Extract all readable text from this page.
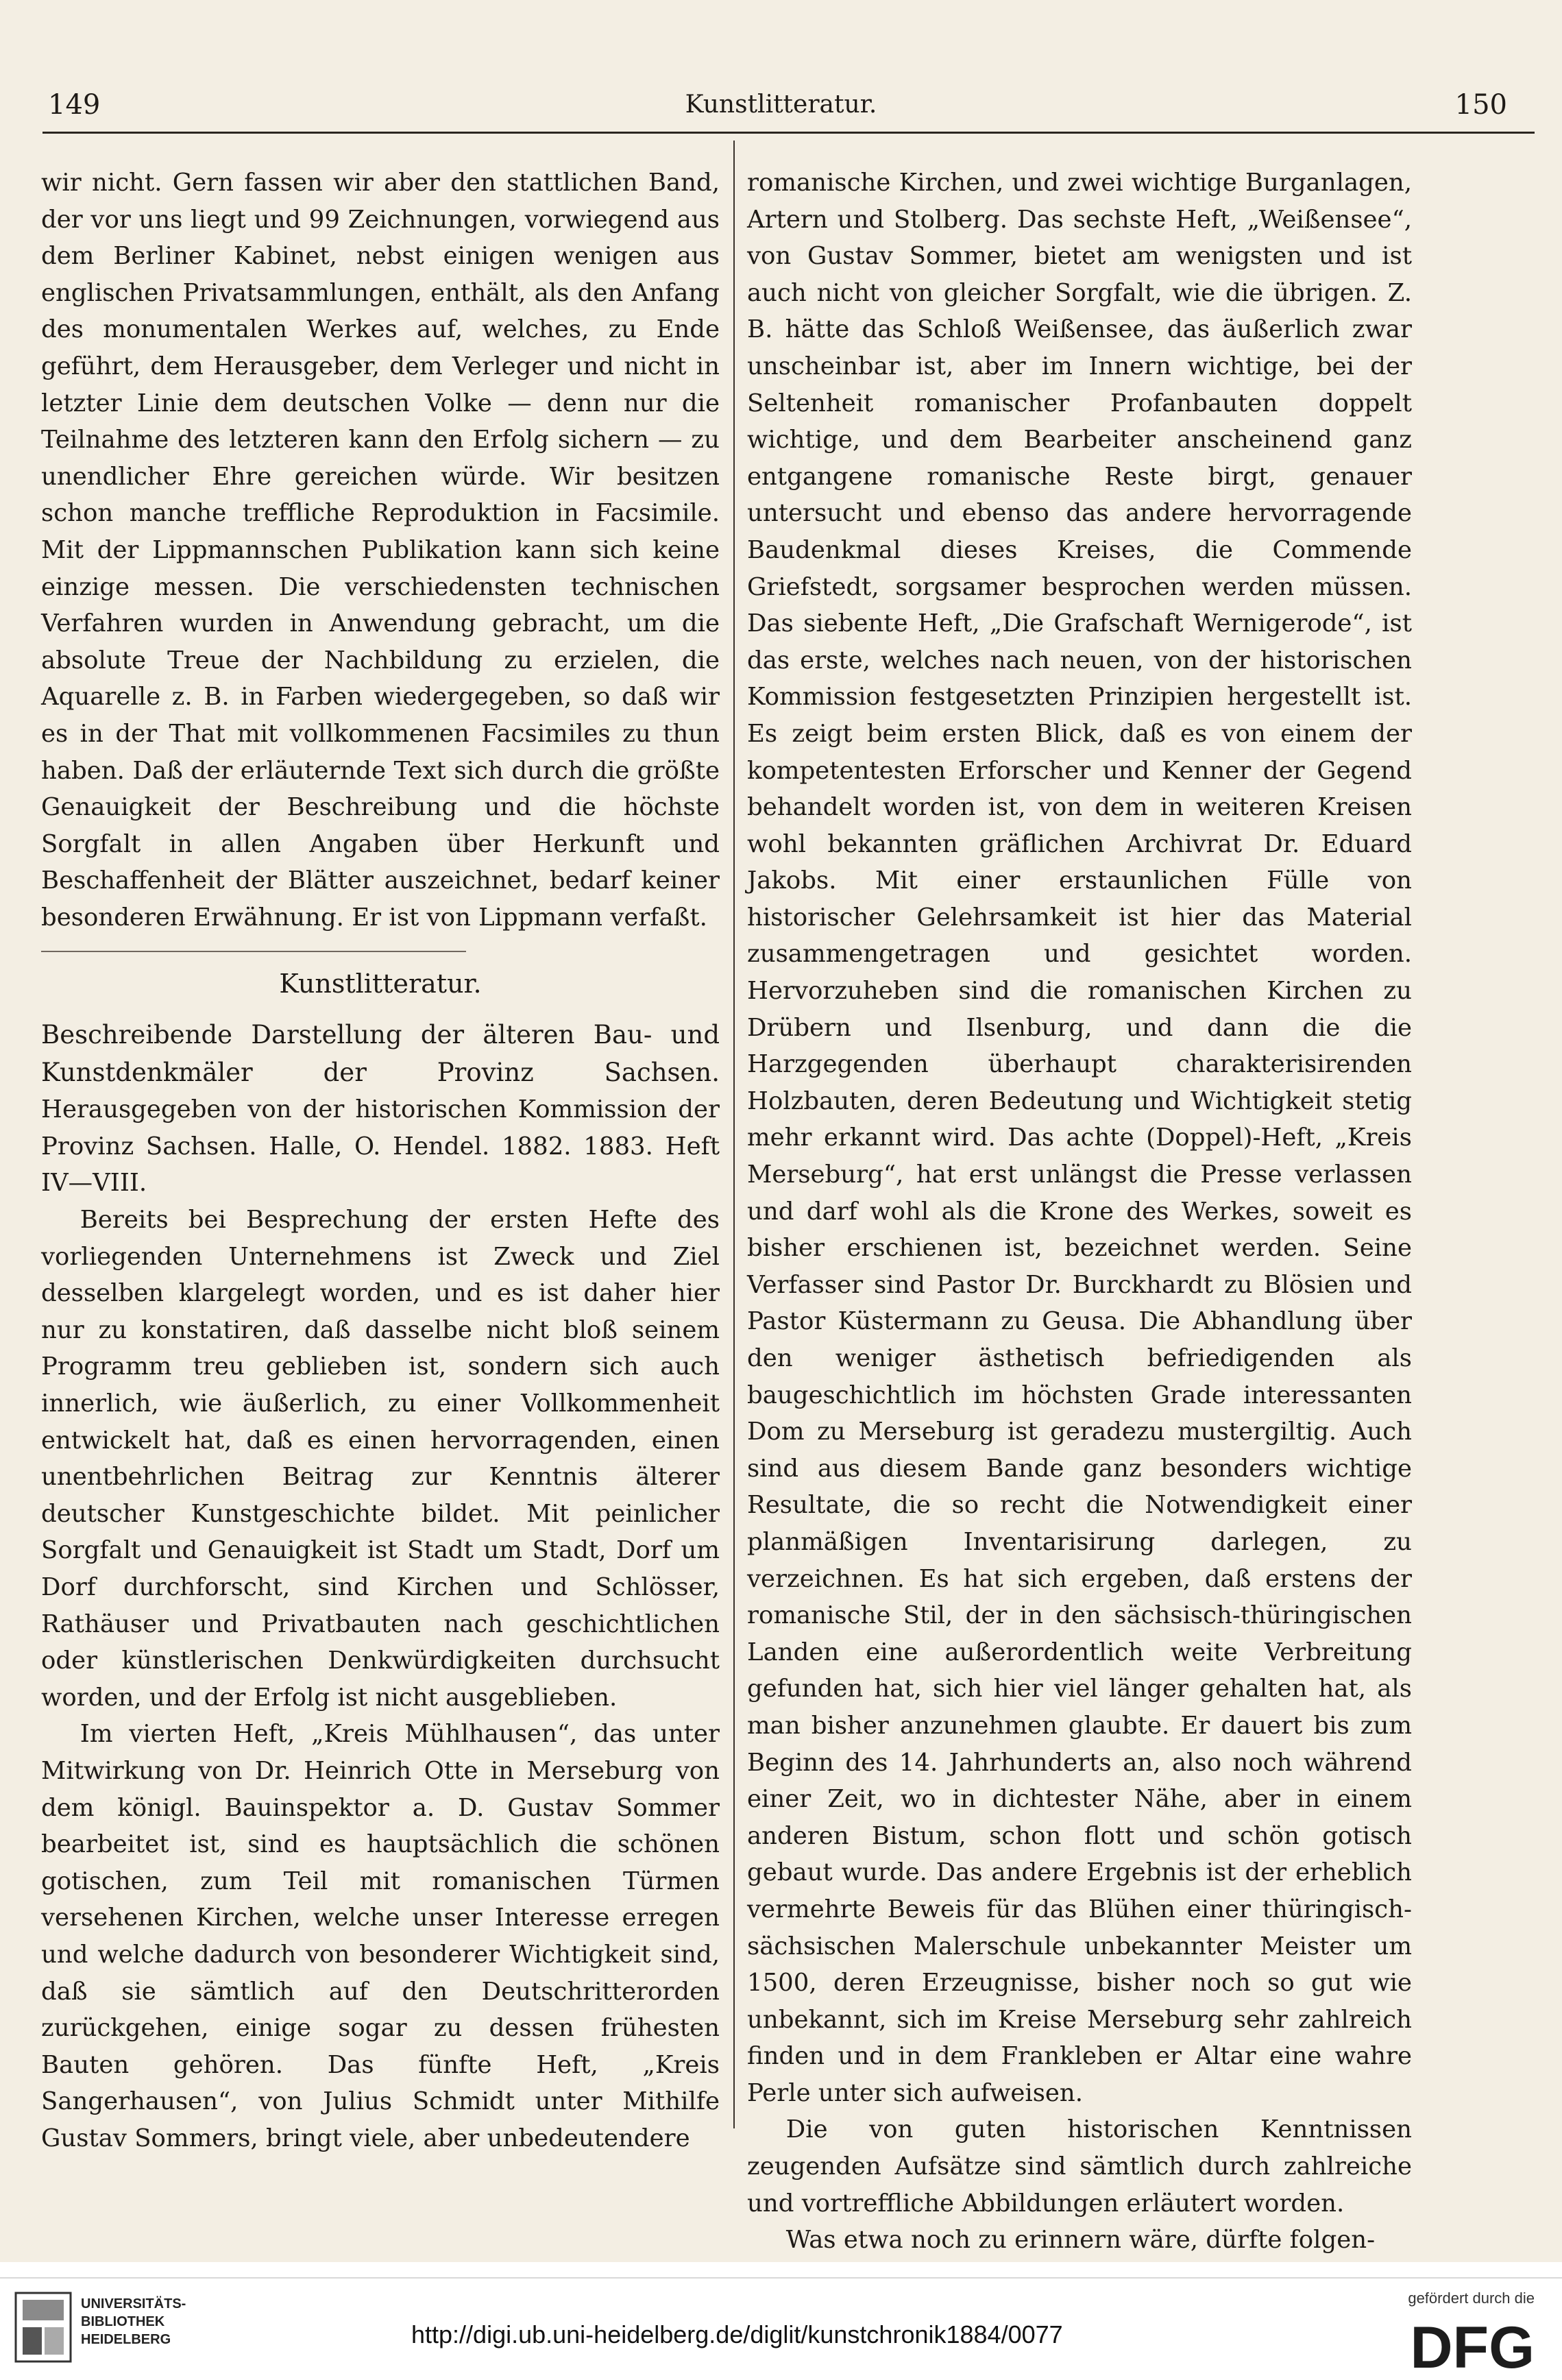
149	Kunstlitteratur.	150

wir nicht. Gern fassen wir aber den stattlichen Band, der vor uns liegt und 99 Zeichnungen, vorwiegend aus dem Berliner Kabinet, nebst einigen wenigen aus englischen Privatsammlungen, enthält, als den Anfang des monumentalen Werkes auf, welches, zu Ende geführt, dem Herausgeber, dem Verleger und nicht in letzter Linie dem deutschen Volke — denn nur die Teilnahme des letzteren kann den Erfolg sichern — zu unendlicher Ehre gereichen würde. Wir besitzen schon manche treffliche Reproduktion in Facsimile. Mit der Lippmannschen Publikation kann sich keine einzige messen. Die verschiedensten technischen Verfahren wurden in Anwendung gebracht, um die absolute Treue der Nachbildung zu erzielen, die Aquarelle z. B. in Farben wiedergegeben, so daß wir es in der That mit vollkommenen Facsimiles zu thun haben. Daß der erläuternde Text sich durch die größte Genauigkeit der Beschreibung und die höchste Sorgfalt in allen Angaben über Herkunft und Beschaffenheit der Blätter auszeichnet, bedarf keiner besonderen Erwähnung. Er ist von Lippmann verfaßt.

Kunstlitteratur.

Beschreibende Darstellung der älteren Bau- und Kunstdenkmäler der Provinz Sachsen. Herausgegeben von der historischen Kommission der Provinz Sachsen. Halle, O. Hendel. 1882. 1883. Heft IV—VIII.

Bereits bei Besprechung der ersten Hefte des vorliegenden Unternehmens ist Zweck und Ziel desselben klargelegt worden, und es ist daher hier nur zu konstatiren, daß dasselbe nicht bloß seinem Programm treu geblieben ist, sondern sich auch innerlich, wie äußerlich, zu einer Vollkommenheit entwickelt hat, daß es einen hervorragenden, einen unentbehrlichen Beitrag zur Kenntnis älterer deutscher Kunstgeschichte bildet. Mit peinlicher Sorgfalt und Genauigkeit ist Stadt um Stadt, Dorf um Dorf durchforscht, sind Kirchen und Schlösser, Rathäuser und Privatbauten nach geschichtlichen oder künstlerischen Denkwürdigkeiten durchsucht worden, und der Erfolg ist nicht ausgeblieben.

Im vierten Heft, „Kreis Mühlhausen“, das unter Mitwirkung von Dr. Heinrich Otte in Merseburg von dem königl. Bauinspektor a. D. Gustav Sommer bearbeitet ist, sind es hauptsächlich die schönen gotischen, zum Teil mit romanischen Türmen versehenen Kirchen, welche unser Interesse erregen und welche dadurch von besonderer Wichtigkeit sind, daß sie sämtlich auf den Deutschritterorden zurückgehen, einige sogar zu dessen frühesten Bauten gehören. Das fünfte Heft, „Kreis Sangerhausen“, von Julius Schmidt unter Mithilfe Gustav Sommers, bringt viele, aber unbedeutendere

romanische Kirchen, und zwei wichtige Burganlagen, Artern und Stolberg. Das sechste Heft, „Weißensee“, von Gustav Sommer, bietet am wenigsten und ist auch nicht von gleicher Sorgfalt, wie die übrigen. Z. B. hätte das Schloß Weißensee, das äußerlich zwar unscheinbar ist, aber im Innern wichtige, bei der Seltenheit romanischer Profanbauten doppelt wichtige, und dem Bearbeiter anscheinend ganz entgangene romanische Reste birgt, genauer untersucht und ebenso das andere hervorragende Baudenkmal dieses Kreises, die Commende Griefstedt, sorgsamer besprochen werden müssen. Das siebente Heft, „Die Grafschaft Wernigerode“, ist das erste, welches nach neuen, von der historischen Kommission festgesetzten Prinzipien hergestellt ist. Es zeigt beim ersten Blick, daß es von einem der kompetentesten Erforscher und Kenner der Gegend behandelt worden ist, von dem in weiteren Kreisen wohl bekannten gräflichen Archivrat Dr. Eduard Jakobs. Mit einer erstaunlichen Fülle von historischer Gelehrsamkeit ist hier das Material zusammengetragen und gesichtet worden. Hervorzuheben sind die romanischen Kirchen zu Drübern und Ilsenburg, und dann die die Harzgegenden überhaupt charakterisirenden Holzbauten, deren Bedeutung und Wichtigkeit stetig mehr erkannt wird. Das achte (Doppel)-Heft, „Kreis Merseburg“, hat erst unlängst die Presse verlassen und darf wohl als die Krone des Werkes, soweit es bisher erschienen ist, bezeichnet werden. Seine Verfasser sind Pastor Dr. Burckhardt zu Blösien und Pastor Küstermann zu Geusa. Die Abhandlung über den weniger ästhetisch befriedigenden als baugeschichtlich im höchsten Grade interessanten Dom zu Merseburg ist geradezu mustergiltig. Auch sind aus diesem Bande ganz besonders wichtige Resultate, die so recht die Notwendigkeit einer planmäßigen Inventarisirung darlegen, zu verzeichnen. Es hat sich ergeben, daß erstens der romanische Stil, der in den sächsisch-thüringischen Landen eine außerordentlich weite Verbreitung gefunden hat, sich hier viel länger gehalten hat, als man bisher anzunehmen glaubte. Er dauert bis zum Beginn des 14. Jahrhunderts an, also noch während einer Zeit, wo in dichtester Nähe, aber in einem anderen Bistum, schon flott und schön gotisch gebaut wurde. Das andere Ergebnis ist der erheblich vermehrte Beweis für das Blühen einer thüringisch-sächsischen Malerschule unbekannter Meister um 1500, deren Erzeugnisse, bisher noch so gut wie unbekannt, sich im Kreise Merseburg sehr zahlreich finden und in dem Frankleben er Altar eine wahre Perle unter sich aufweisen.

Die von guten historischen Kenntnissen zeugenden Aufsätze sind sämtlich durch zahlreiche und vortreffliche Abbildungen erläutert worden.

Was etwa noch zu erinnern wäre, dürfte folgen-

UNIVERSITÄTS-
BIBLIOTHEK
HEIDELBERG	http://digi.ub.uni-heidelberg.de/diglit/kunstchronik1884/0077
gefördert durch die
DFG
